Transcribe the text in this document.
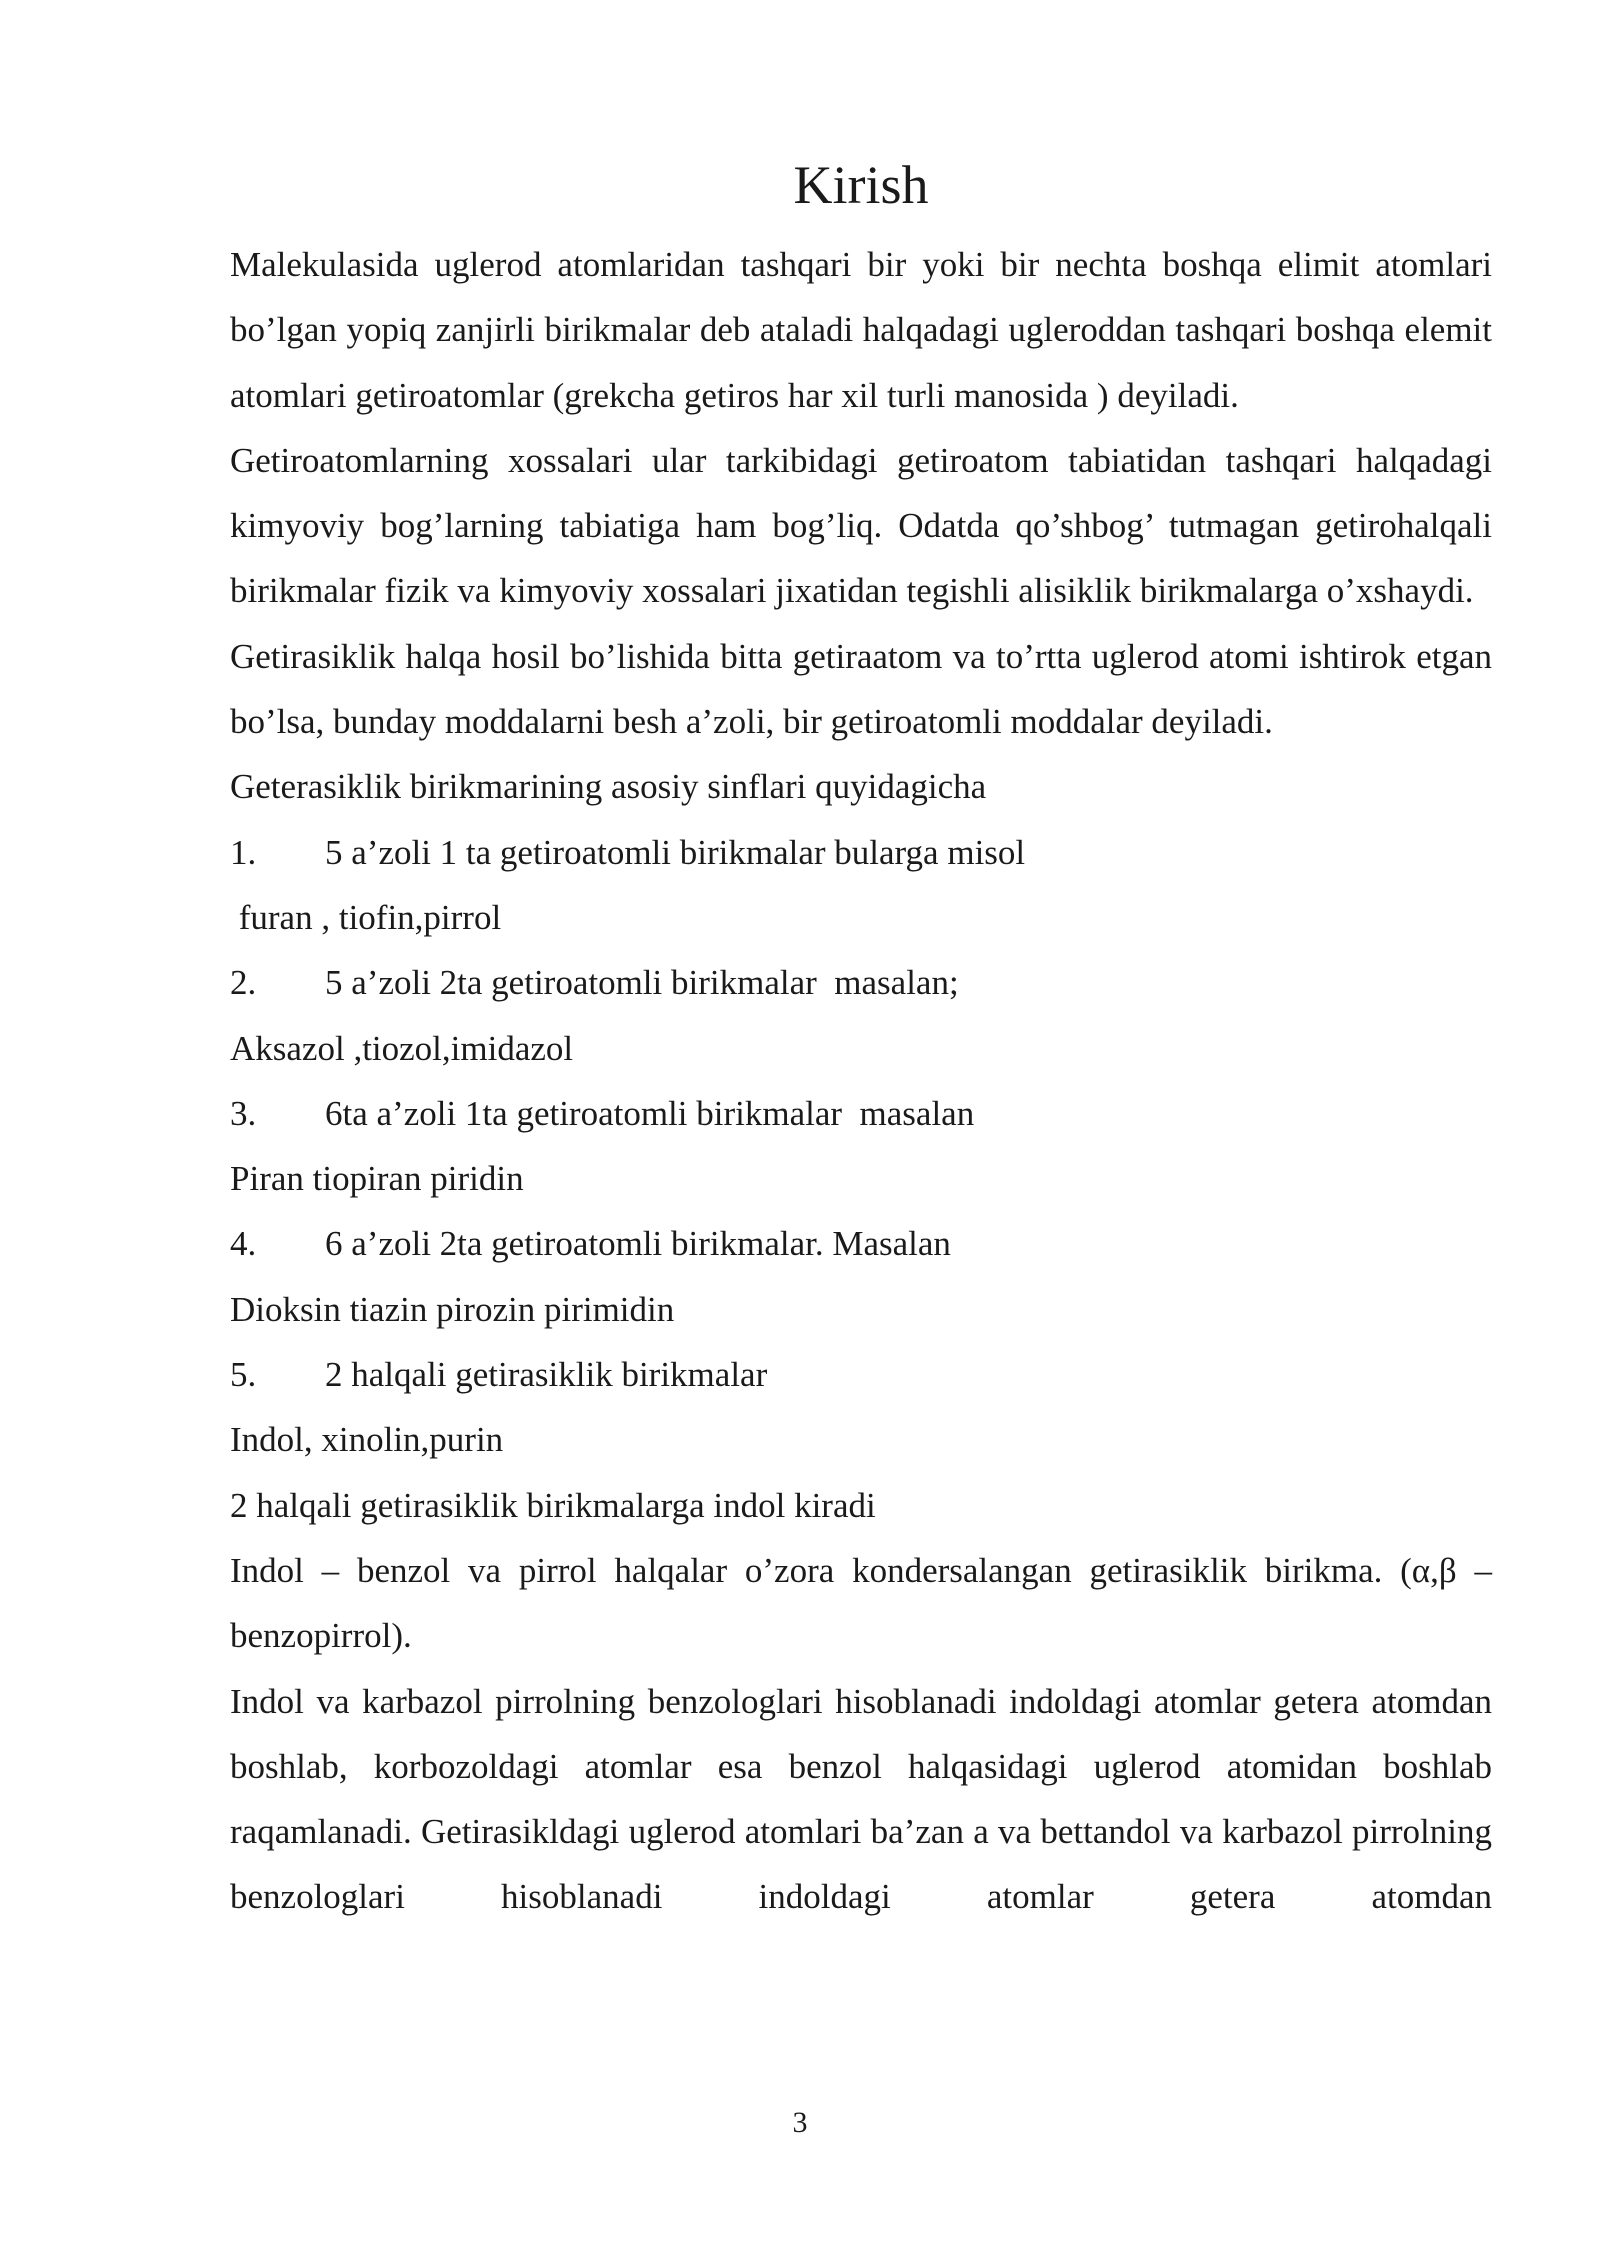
Kirish

Malekulasida uglerod atomlaridan tashqari bir yoki bir nechta boshqa elimit atomlari bo’lgan yopiq zanjirli birikmalar deb ataladi halqadagi ugleroddan tashqari boshqa elemit atomlari getiroatomlar (grekcha getiros har xil turli manosida ) deyiladi.

Getiroatomlarning xossalari ular tarkibidagi getiroatom tabiatidan tashqari halqadagi kimyoviy bog’larning tabiatiga ham bog’liq. Odatda qo’shbog’ tutmagan getirohalqali birikmalar fizik va kimyoviy xossalari jixatidan tegishli alisiklik birikmalarga o’xshaydi.

Getirasiklik halqa hosil bo’lishida bitta getiraatom va to’rtta uglerod atomi ishtirok etgan bo’lsa, bunday moddalarni besh a’zoli, bir getiroatomli moddalar deyiladi.

Geterasiklik birikmarining asosiy sinflari quyidagicha

1.	5 a’zoli 1 ta getiroatomli birikmalar bularga misol

furan , tiofin,pirrol

2.	5 a’zoli 2ta getiroatomli birikmalar  masalan;

Aksazol ,tiozol,imidazol

3.	6ta a’zoli 1ta getiroatomli birikmalar  masalan

Piran tiopiran piridin

4.	6 a’zoli 2ta getiroatomli birikmalar. Masalan

Dioksin tiazin pirozin pirimidin

5.	2 halqali getirasiklik birikmalar

Indol, xinolin,purin

2 halqali getirasiklik birikmalarga indol kiradi

Indol – benzol va pirrol halqalar o’zora kondersalangan getirasiklik birikma. (α,β – benzopirrol).

Indol va karbazol pirrolning benzologlari hisoblanadi indoldagi atomlar getera atomdan boshlab, korbozoldagi atomlar esa benzol halqasidagi uglerod atomidan boshlab raqamlanadi. Getirasikldagi uglerod atomlari ba’zan a va bettandol va karbazol pirrolning benzologlari hisoblanadi indoldagi atomlar getera atomdan

3
